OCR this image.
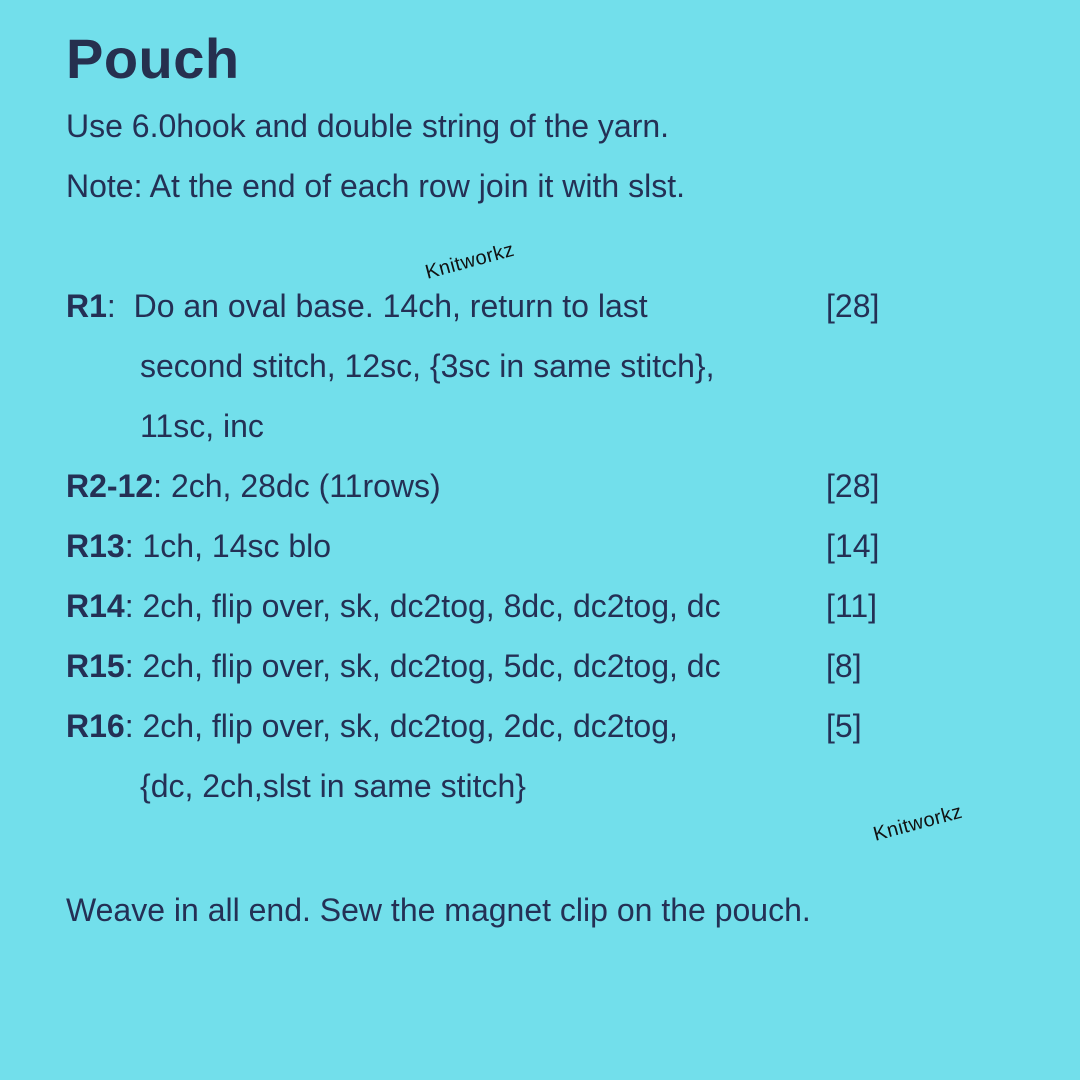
Pouch
Use 6.0hook and double string of the yarn.
Note: At the end of each row join it with slst.
Knitworkz
R1:  Do an oval base. 14ch, return to last	[28]
second stitch, 12sc, {3sc in same stitch},
11sc, inc
R2-12: 2ch, 28dc (11rows)	[28]
R13: 1ch, 14sc blo	[14]
R14: 2ch, flip over, sk, dc2tog, 8dc, dc2tog, dc	[11]
R15: 2ch, flip over, sk, dc2tog, 5dc, dc2tog, dc	[8]
R16: 2ch, flip over, sk, dc2tog, 2dc, dc2tog,	[5]
{dc, 2ch,slst in same stitch}
Knitworkz
Weave in all end. Sew the magnet clip on the pouch.
